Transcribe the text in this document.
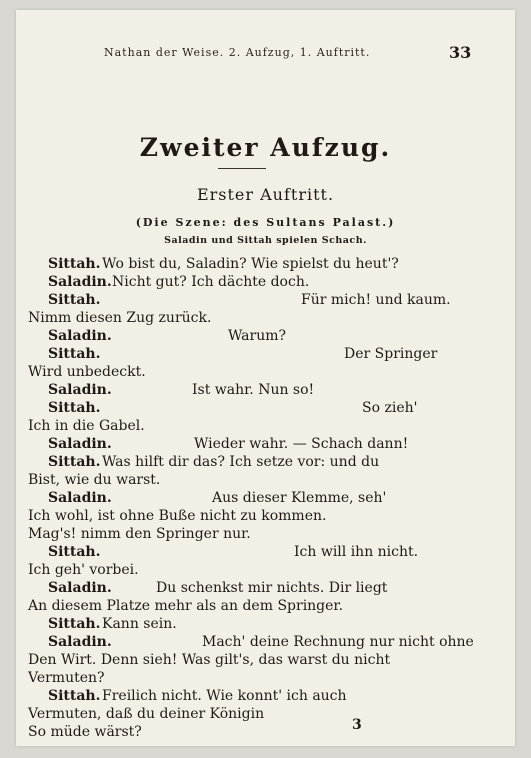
Nathan der Weise. 2. Aufzug, 1. Auftritt.	33
Zweiter Aufzug.
Erster Auftritt.
(Die Szene: des Sultans Palast.)
Saladin und Sittah spielen Schach.
Sittah. Wo bist du, Saladin? Wie spielst du heut'?
Saladin. Nicht gut? Ich dächte doch.
Sittah.	Für mich! und kaum.
Nimm diesen Zug zurück.
Saladin.	Warum?
Sittah.	Der Springer
Wird unbedeckt.
Saladin.	Ist wahr. Nun so!
Sittah.	So zieh'
Ich in die Gabel.
Saladin.	Wieder wahr. — Schach dann!
Sittah. Was hilft dir das? Ich setze vor: und du
Bist, wie du warst.
Saladin.	Aus dieser Klemme, seh'
Ich wohl, ist ohne Buße nicht zu kommen.
Mag's! nimm den Springer nur.
Sittah.	Ich will ihn nicht.
Ich geh' vorbei.
Saladin.	Du schenkst mir nichts. Dir liegt
An diesem Platze mehr als an dem Springer.
Sittah. Kann sein.
Saladin.	Mach' deine Rechnung nur nicht ohne
Den Wirt. Denn sieh! Was gilt's, das warst du nicht
Vermuten?
Sittah. Freilich nicht. Wie konnt' ich auch
Vermuten, daß du deiner Königin
So müde wärst?	3
